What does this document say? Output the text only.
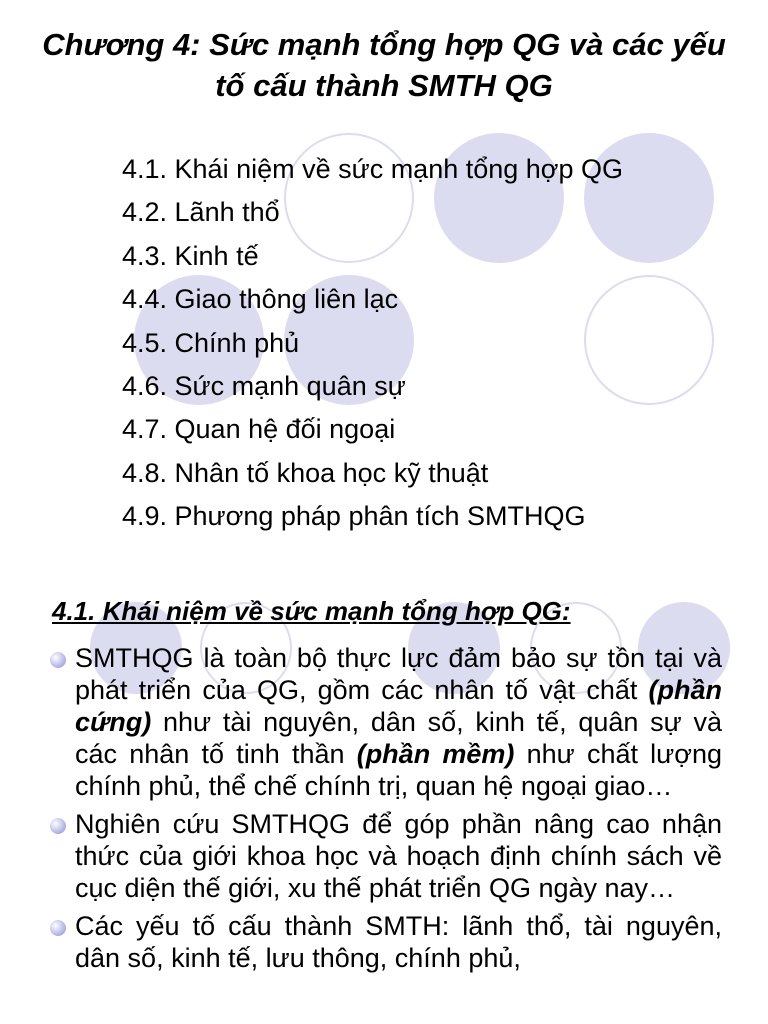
Chương 4: Sức mạnh tổng hợp QG và các yếu tố cấu thành SMTH QG
4.1. Khái niệm về sức mạnh tổng hợp QG
4.2. Lãnh thổ
4.3. Kinh tế
4.4. Giao thông liên lạc
4.5. Chính phủ
4.6. Sức mạnh quân sự
4.7. Quan hệ đối ngoại
4.8. Nhân tố khoa học kỹ thuật
4.9. Phương pháp phân tích SMTHQG
4.1. Khái niệm về sức mạnh tổng hợp QG:
SMTHQG là toàn bộ thực lực đảm bảo sự tồn tại và phát triển của QG, gồm các nhân tố vật chất (phần cứng) như tài nguyên, dân số, kinh tế, quân sự và các nhân tố tinh thần (phần mềm) như chất lượng chính phủ, thể chế chính trị, quan hệ ngoại giao…
Nghiên cứu SMTHQG để góp phần nâng cao nhận thức của giới khoa học và hoạch định chính sách về cục diện thế giới, xu thế phát triển QG ngày nay…
Các yếu tố cấu thành SMTH: lãnh thổ, tài nguyên, dân số, kinh tế, lưu thông, chính phủ,
